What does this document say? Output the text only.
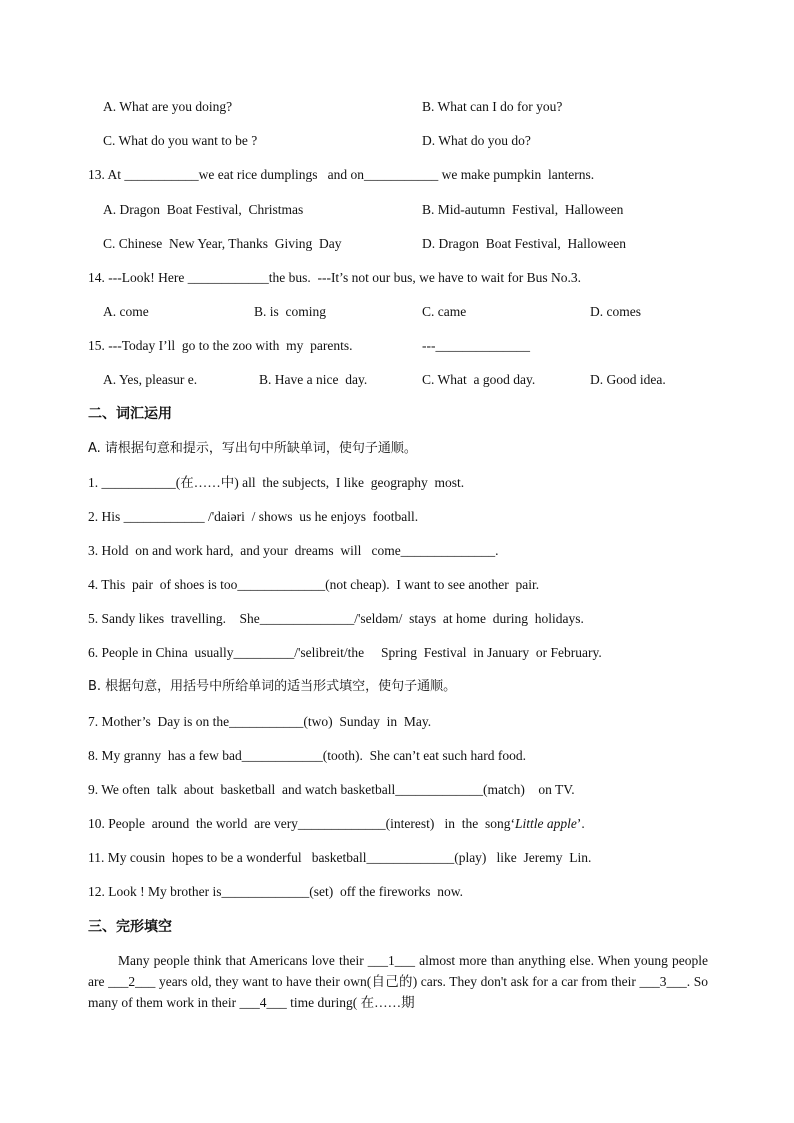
A. What are you doing?	B. What can I do for you?
C. What do you want to be ?	D. What do you do?
13. At ___________we eat rice dumplings   and on___________ we make pumpkin  lanterns.
A. Dragon  Boat Festival,  Christmas	B. Mid-autumn  Festival,  Halloween
C. Chinese  New Year, Thanks  Giving  Day	D. Dragon  Boat Festival,  Halloween
14. ---Look! Here ____________the bus.  ---It’s not our bus, we have to wait for Bus No.3.
A. come	B. is  coming	C. came	D. comes
15. ---Today I’ll  go to the zoo with  my  parents.	---______________
A. Yes, pleasur e.	B. Have a nice  day.	C. What  a good day.	D. Good idea.
二、词汇运用
A. 请根据句意和提示，写出句中所缺单词，使句子通顺。
1. ___________(在……中) all  the subjects,  I like  geography  most.
2. His ____________ /'daiəri  / shows  us he enjoys  football.
3. Hold  on and work hard,  and your  dreams  will   come______________.
4. This  pair  of shoes is too_____________(not cheap).  I want to see another  pair.
5. Sandy likes  travelling.    She______________/'seldəm/  stays  at home  during  holidays.
6. People in China  usually_________/'selibreit/the     Spring  Festival  in January  or February.
B. 根据句意，用括号中所给单词的适当形式填空，使句子通顺。
7. Mother’s  Day is on the___________(two)  Sunday  in  May.
8. My granny  has a few bad____________(tooth).  She can’t eat such hard food.
9. We often  talk  about  basketball  and watch basketball_____________(match)    on TV.
10. People  around  the world  are very_____________(interest)   in  the  song‘Little apple’.
11. My cousin  hopes to be a wonderful   basketball_____________(play)   like  Jeremy  Lin.
12. Look ! My brother is_____________(set)  off the fireworks  now.
三、完形填空
Many people think that Americans love their ___1___ almost more than anything else. When young people are ___2___ years old, they want to have their own(自己的) cars. They don't ask for a car from their ___3___. So many of them work in their ___4___ time during( 在……期
